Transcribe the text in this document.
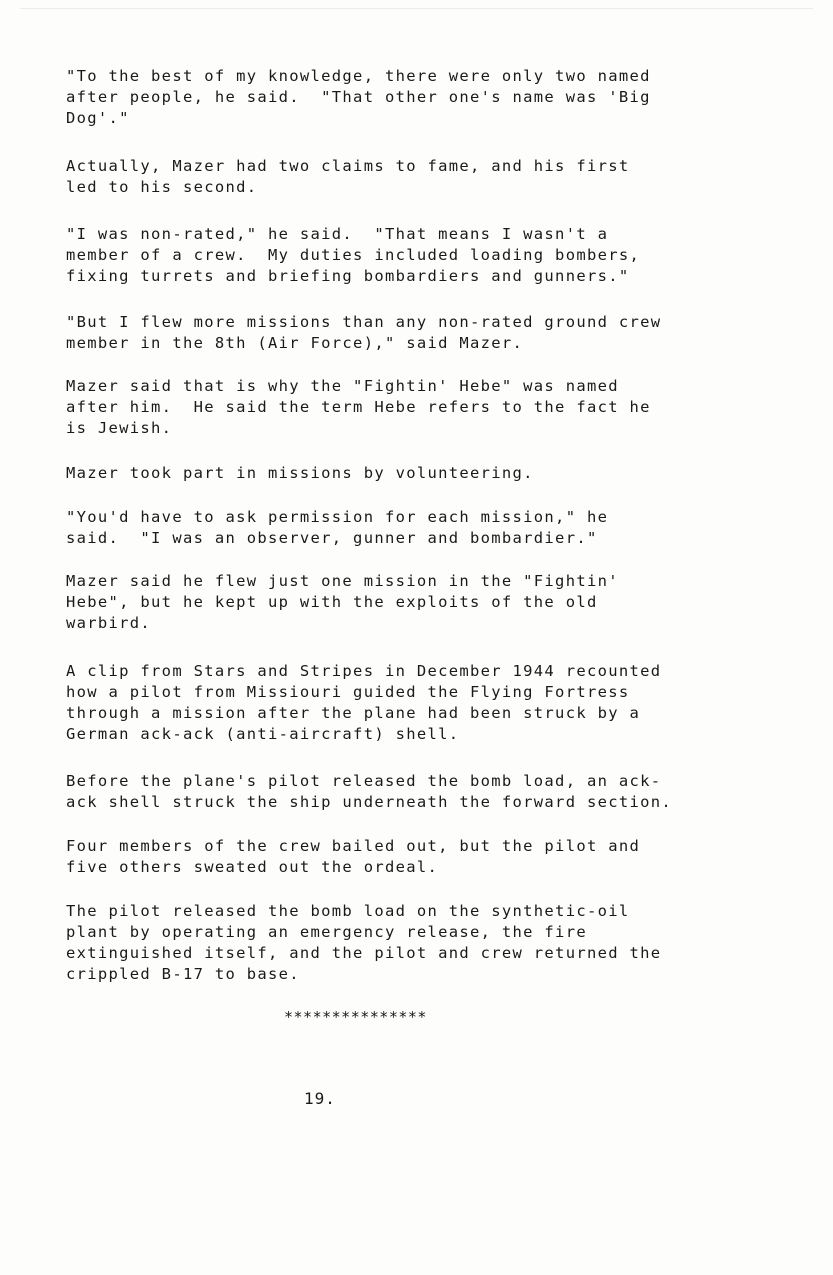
"To the best of my knowledge, there were only two named
after people, he said.  "That other one's name was 'Big
Dog'."

Actually, Mazer had two claims to fame, and his first
led to his second.

"I was non-rated," he said.  "That means I wasn't a
member of a crew.  My duties included loading bombers,
fixing turrets and briefing bombardiers and gunners."

"But I flew more missions than any non-rated ground crew
member in the 8th (Air Force)," said Mazer.

Mazer said that is why the "Fightin' Hebe" was named
after him.  He said the term Hebe refers to the fact he
is Jewish.

Mazer took part in missions by volunteering.

"You'd have to ask permission for each mission," he
said.  "I was an observer, gunner and bombardier."

Mazer said he flew just one mission in the "Fightin'
Hebe", but he kept up with the exploits of the old
warbird.

A clip from Stars and Stripes in December 1944 recounted
how a pilot from Missiouri guided the Flying Fortress
through a mission after the plane had been struck by a
German ack-ack (anti-aircraft) shell.

Before the plane's pilot released the bomb load, an ack-
ack shell struck the ship underneath the forward section.

Four members of the crew bailed out, but the pilot and
five others sweated out the ordeal.

The pilot released the bomb load on the synthetic-oil
plant by operating an emergency release, the fire
extinguished itself, and the pilot and crew returned the
crippled B-17 to base.

***************

19.
